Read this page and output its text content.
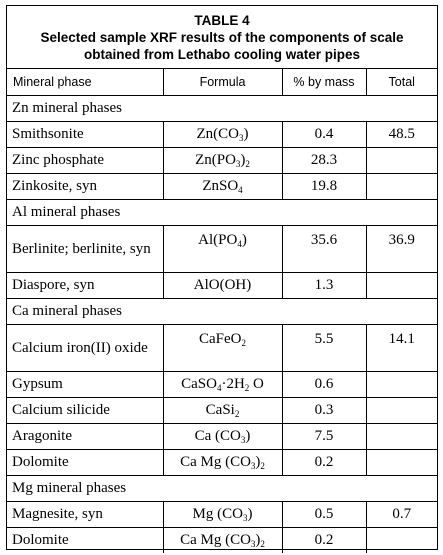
TABLE 4
Selected sample XRF results of the components of scale
obtained from Lethabo cooling water pipes
Mineral phase	Formula	% by mass	Total
Zn mineral phases			
Smithsonite	$Zn(CO_3)$	0.4	48.5
Zinc phosphate	$Zn(PO_3)_2$	28.3	
Zinkosite, syn	ZnSO$_4$	19.8	
Al mineral phases			
Berlinite; berlinite, syn	$Al(PO_4)$	35.6	36.9
Diaspore, syn	AlO(OH)	1.3	
Ca mineral phases			
Calcium iron(II) oxide	CaFeO$_2$	5.5	14.1
Gypsum	$CaSO_4\cdot 2H_2$ O	0.6	
Calcium silicide	CaSi$_2$	0.3	
Aragonite	Ca $(CO_3)$	7.5	
Dolomite	Ca Mg $(CO_3)_2$	0.2	
Mg mineral phases			
Magnesite, syn	Mg $(CO_3)$	0.5	0.7
Dolomite	Ca Mg $(CO_3)_2$	0.2	
